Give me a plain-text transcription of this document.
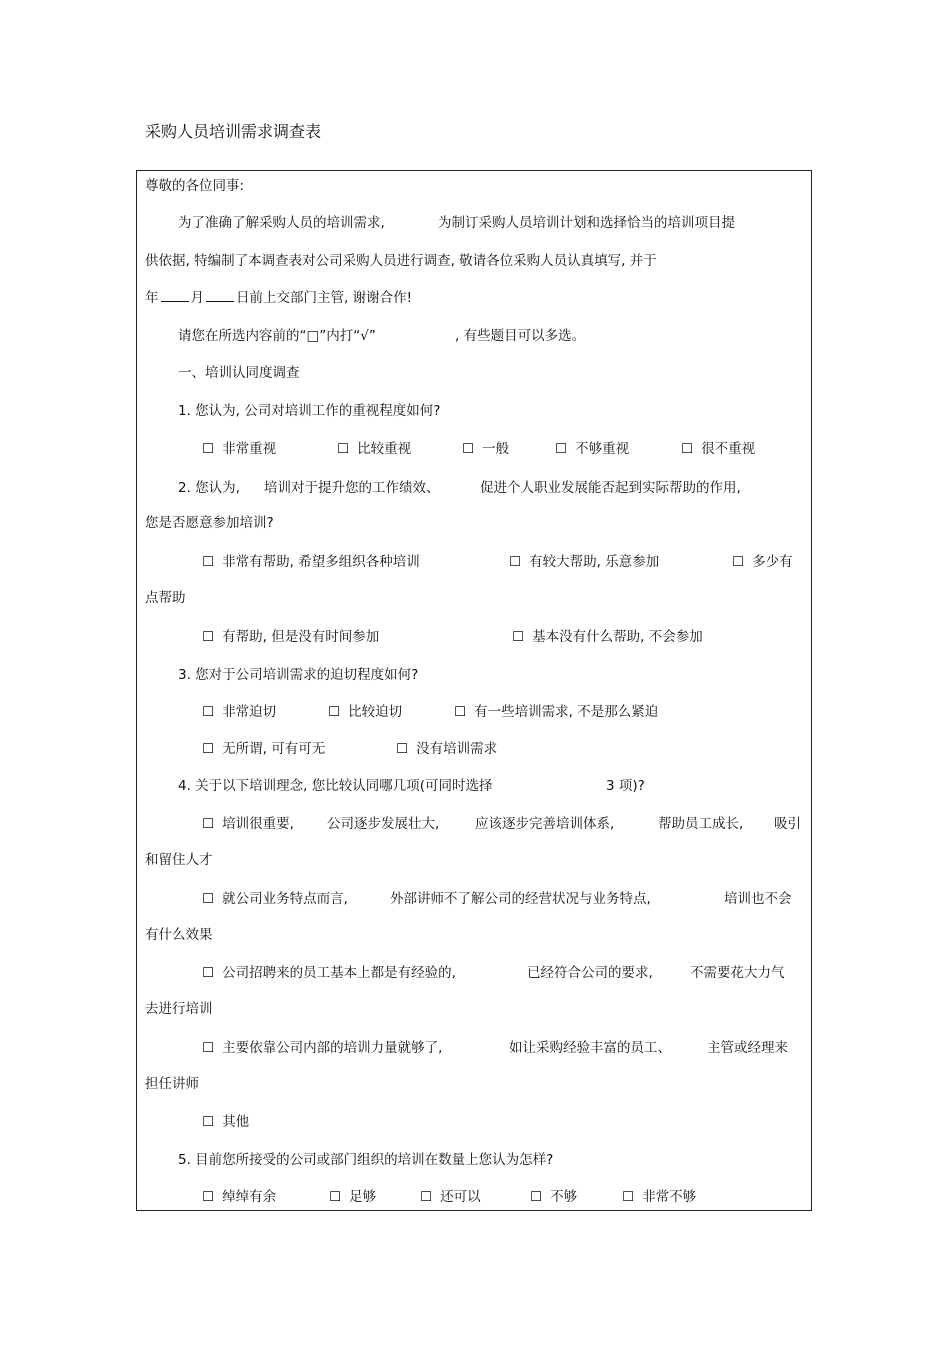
采购人员培训需求调查表
尊敬的各位同事:
为了准确了解采购人员的培训需求,	为制订采购人员培训计划和选择恰当的培训项目提
供依据, 特编制了本调查表对公司采购人员进行调查, 敬请各位采购人员认真填写, 并于
年 月 日前上交部门主管, 谢谢合作!
请您在所选内容前的“□”内打“√”	, 有些题目可以多选。
一、培训认同度调查
1. 您认为, 公司对培训工作的重视程度如何?
☐ 非常重视	☐ 比较重视	☐ 一般	☐ 不够重视	☐ 很不重视
2. 您认为, 培训对于提升您的工作绩效、	促进个人职业发展能否起到实际帮助的作用,
您是否愿意参加培训?
☐ 非常有帮助, 希望多组织各种培训	☐ 有较大帮助, 乐意参加	☐ 多少有
点帮助
☐ 有帮助, 但是没有时间参加	☐ 基本没有什么帮助, 不会参加
3. 您对于公司培训需求的迫切程度如何?
☐ 非常迫切	☐ 比较迫切	☐ 有一些培训需求, 不是那么紧迫
☐ 无所谓, 可有可无	☐ 没有培训需求
4. 关于以下培训理念, 您比较认同哪几项(可同时选择	3 项)?
☐ 培训很重要, 公司逐步发展壮大,	应该逐步完善培训体系,	帮助员工成长, 吸引
和留住人才
☐ 就公司业务特点而言,	外部讲师不了解公司的经营状况与业务特点,	培训也不会
有什么效果
☐ 公司招聘来的员工基本上都是有经验的,	已经符合公司的要求,	不需要花大力气
去进行培训
☐ 主要依靠公司内部的培训力量就够了,	如让采购经验丰富的员工、	主管或经理来
担任讲师
☐ 其他
5. 目前您所接受的公司或部门组织的培训在数量上您认为怎样?
☐ 绰绰有余	☐ 足够	☐ 还可以	☐ 不够	☐ 非常不够
